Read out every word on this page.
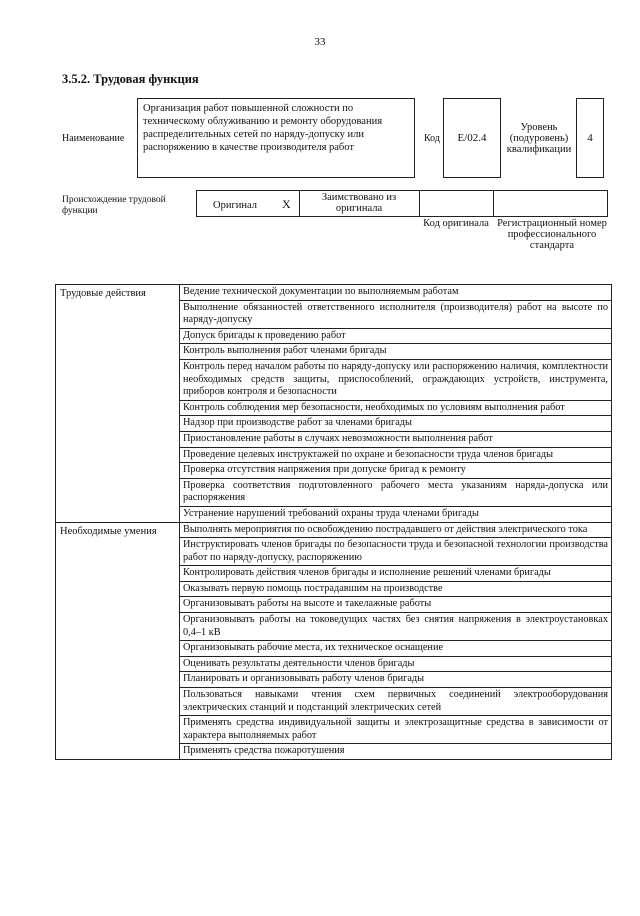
33
3.5.2. Трудовая функция
Наименование
Организация работ повышенной сложности по техническому облуживанию и ремонту оборудования распределительных сетей по наряду-допуску или распоряжению в качестве производителя работ
Код	E/02.4
Уровень (подуровень) квалификации
4
Происхождение трудовой функции	Оригинал X	Заимствовано из оригинала
Код оригинала Регистрационный номер профессионального стандарта
Трудовые действия	Ведение технической документации по выполняемым работам
	Выполнение обязанностей ответственного исполнителя (производителя) работ на высоте по наряду-допуску
	Допуск бригады к проведению работ
	Контроль выполнения работ членами бригады
	Контроль перед началом работы по наряду-допуску или распоряжению наличия, комплектности необходимых средств защиты, приспособлений, ограждающих устройств, инструмента, приборов контроля и безопасности
	Контроль соблюдения мер безопасности, необходимых по условиям выполнения работ
	Надзор при производстве работ за членами бригады
	Приостановление работы в случаях невозможности выполнения работ
	Проведение целевых инструктажей по охране и безопасности труда членов бригады
	Проверка отсутствия напряжения при допуске бригад к ремонту
	Проверка соответствия подготовленного рабочего места указаниям наряда-допуска или распоряжения
	Устранение нарушений требований охраны труда членами бригады
Необходимые умения	Выполнять мероприятия по освобождению пострадавшего от действия электрического тока
	Инструктировать членов бригады по безопасности труда и безопасной технологии производства работ по наряду-допуску, распоряжению
	Контролировать действия членов бригады и исполнение решений членами бригады
	Оказывать первую помощь пострадавшим на производстве
	Организовывать работы на высоте и такелажные работы
	Организовывать работы на токоведущих частях без снятия напряжения в электроустановках 0,4–1 кВ
	Организовывать рабочие места, их техническое оснащение
	Оценивать результаты деятельности членов бригады
	Планировать и организовывать работу членов бригады
	Пользоваться навыками чтения схем первичных соединений электрооборудования электрических станций и подстанций электрических сетей
	Применять средства индивидуальной защиты и электрозащитные средства в зависимости от характера выполняемых работ
	Применять средства пожаротушения
